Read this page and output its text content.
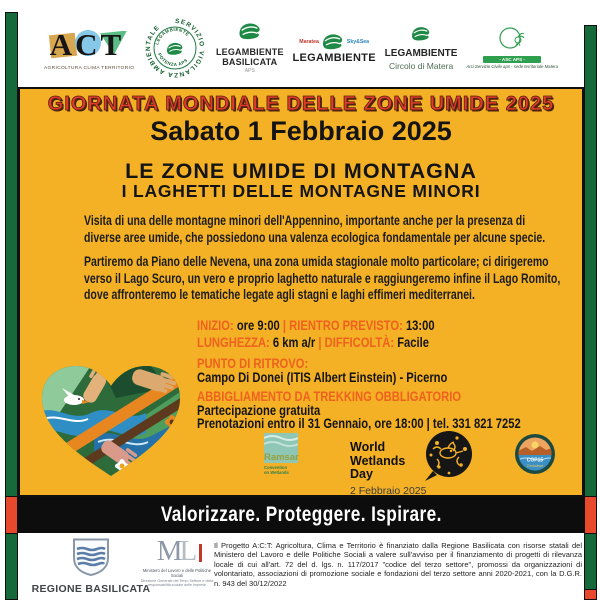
ACT
AGRICOLTURA CLIMA TERRITORIO
SERVIZIO VIGILANZA AMBIENTALE
LEGAMBIENTE
POTENZA APS
LEGAMBIENTE
BASILICATA
APS
Maratea	Sky&Sea
LEGAMBIENTE LEGAMBIENTE
Circolo di Matera
- ASC APS -
Arci Servizio Civile aps - sede territoriale Matera
GIORNATA MONDIALE DELLE ZONE UMIDE 2025
Sabato 1 Febbraio 2025
LE ZONE UMIDE DI MONTAGNA
I LAGHETTI DELLE MONTAGNE MINORI
Visita di una delle montagne minori dell'Appennino, importante anche per la presenza di diverse aree umide, che possiedono una valenza ecologica fondamentale per alcune specie.
Partiremo da Piano delle Nevena, una zona umida stagionale molto particolare; ci dirigeremo verso il Lago Scuro, un vero e proprio laghetto naturale e raggiungeremo infine il Lago Romito, dove affronteremo le tematiche legate agli stagni e laghi effimeri mediterranei.
INIZIO: ore 9:00 | RIENTRO PREVISTO: 13:00
LUNGHEZZA: 6 km a/r | DIFFICOLTÀ: Facile
PUNTO DI RITROVO:
Campo Di Donei (ITIS Albert Einstein) - Picerno
ABBIGLIAMENTO DA TREKKING OBBLIGATORIO
Partecipazione gratuita
Prenotazioni entro il 31 Gennaio, ore 18:00 | tel. 331 821 7252
Ramsar
Convention
on Wetlands
World
Wetlands Day
2 Febbraio 2025
COP15
Zimbabwe
Valorizzare. Proteggere. Ispirare.
REGIONE BASILICATA
ML
Ministero del Lavoro e delle Politiche Sociali
Direzione Generale del Terzo Settore e della responsabilità sociale delle imprese
Il Progetto A:C:T: Agricoltura, Clima e Territorio è finanziato dalla Regione Basilicata con risorse statali del Ministero del Lavoro e delle Politiche Sociali a valere sull'avviso per il finanziamento di progetti di rilevanza locale di cui all'art. 72 del d. lgs. n. 117/2017 "codice del terzo settore", promossi da organizzazioni di volontariato, associazioni di promozione sociale e fondazioni del terzo settore anni 2020-2021, con la D.G.R. n. 943 del 30/12/2022
